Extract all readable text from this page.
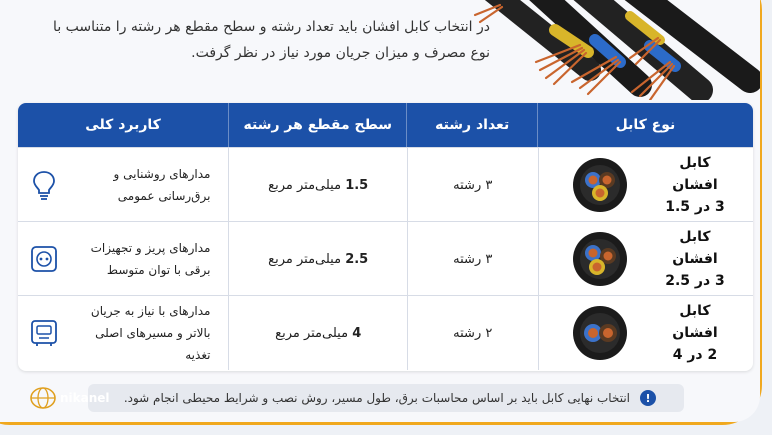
در انتخاب کابل افشان باید تعداد رشته و سطح مقطع هر رشته را متناسب با نوع مصرف و میزان جریان مورد نیاز در نظر گرفت.
نوع کابل
تعداد رشته
سطح مقطع هر رشته
کاربرد کلی
کابل افشان
3 در 1.5
۳ رشته
1.5 میلی‌متر مربع
مدارهای روشنایی و
برق‌رسانی عمومی
کابل افشان
3 در 2.5
۳ رشته
2.5 میلی‌متر مربع
مدارهای پریز و تجهیزات
برقی با توان متوسط
کابل افشان
2 در 4
۲ رشته
4 میلی‌متر مربع
مدارهای با نیاز به جریان
بالاتر و مسیرهای اصلی تغذیه
!
انتخاب نهایی کابل باید بر اساس محاسبات برق، طول مسیر، روش نصب و شرایط محیطی انجام شود.
nikanel
